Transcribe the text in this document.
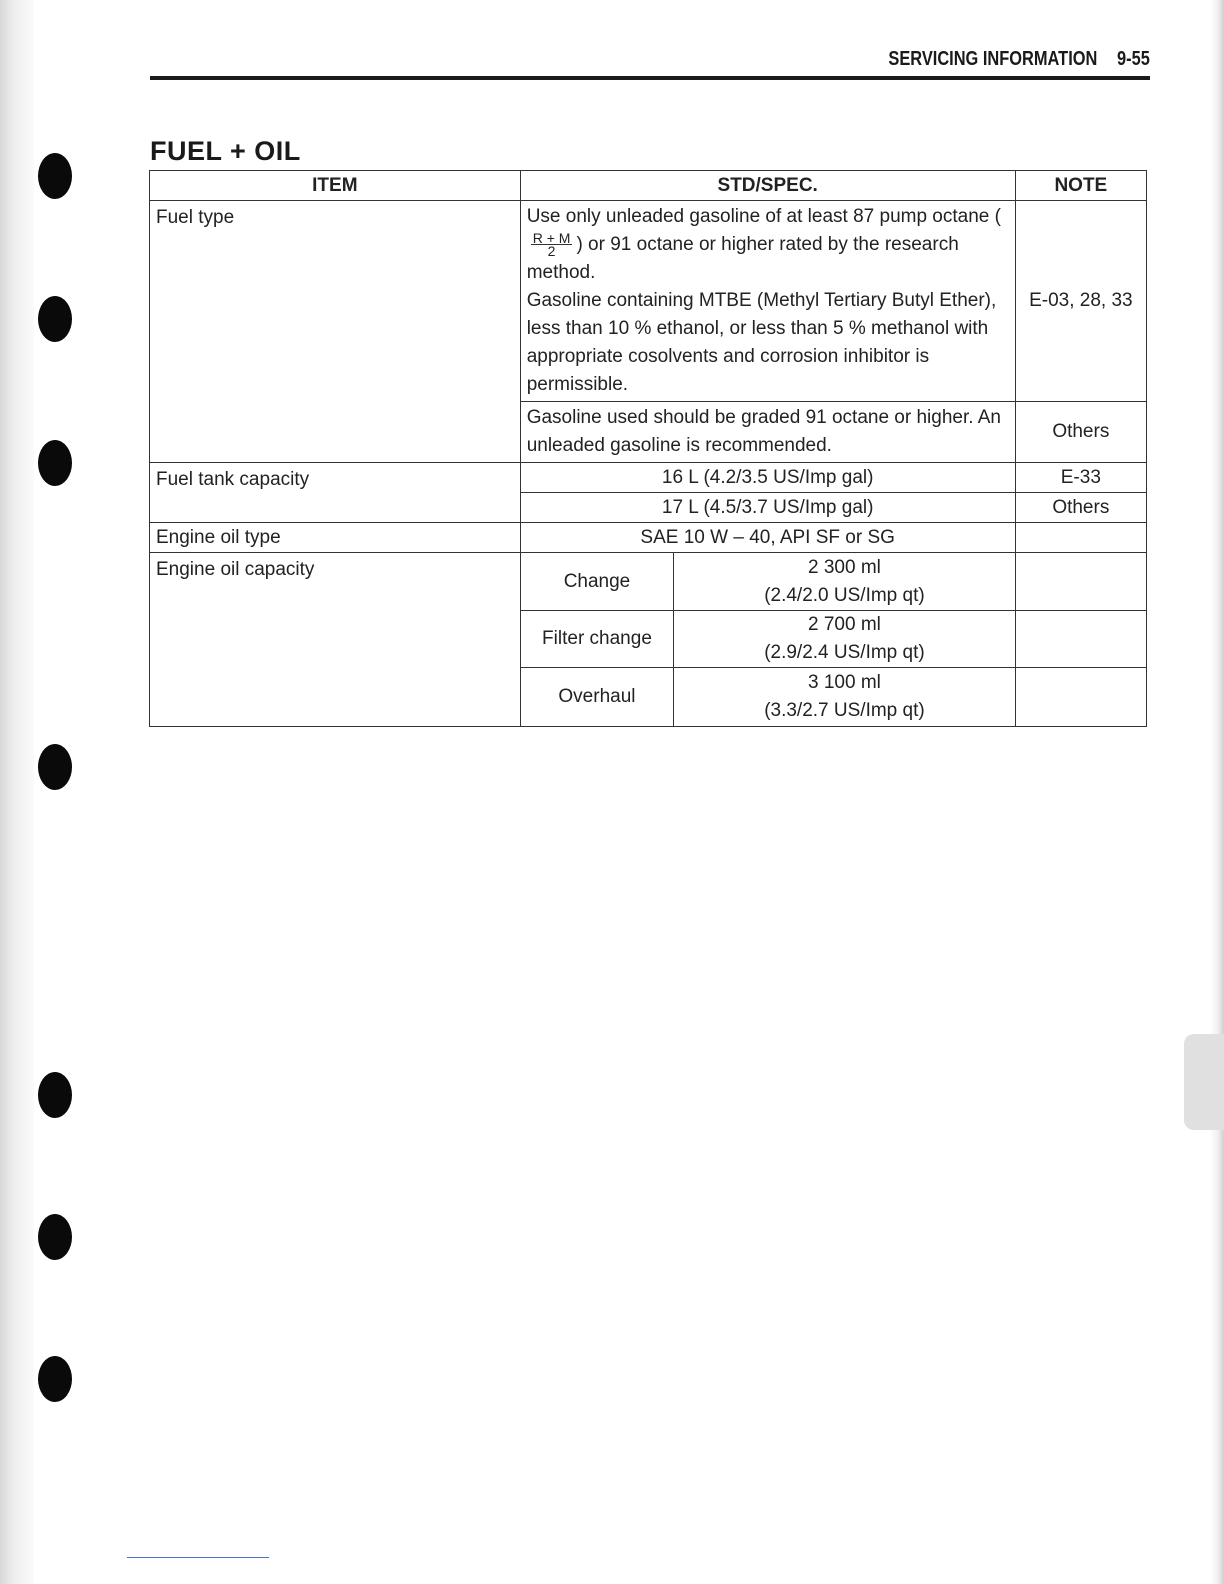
SERVICING INFORMATION 9-55
FUEL + OIL
ITEM	STD/SPEC.		NOTE
Fuel type	Use only unleaded gasoline of at least 87 pump octane (
$\frac{R + M}{2}$ ) or 91 octane or higher rated by the research method.
Gasoline containing MTBE (Methyl Tertiary Butyl Ether), less than 10 % ethanol, or less than 5 % methanol with appropriate cosolvents and corrosion inhibitor is permissible.		E-03, 28, 33
	Gasoline used should be graded 91 octane or higher. An unleaded gasoline is recommended.		Others
Fuel tank capacity	16 L (4.2/3.5 US/Imp gal)		E-33
	17 L (4.5/3.7 US/Imp gal)		Others
Engine oil type	SAE 10 W – 40, API SF or SG		
Engine oil capacity	Change	2 300 ml
(2.4/2.0 US/Imp qt)	
	Filter change	2 700 ml
(2.9/2.4 US/Imp qt)	
	Overhaul	3 100 ml
(3.3/2.7 US/Imp qt)	
